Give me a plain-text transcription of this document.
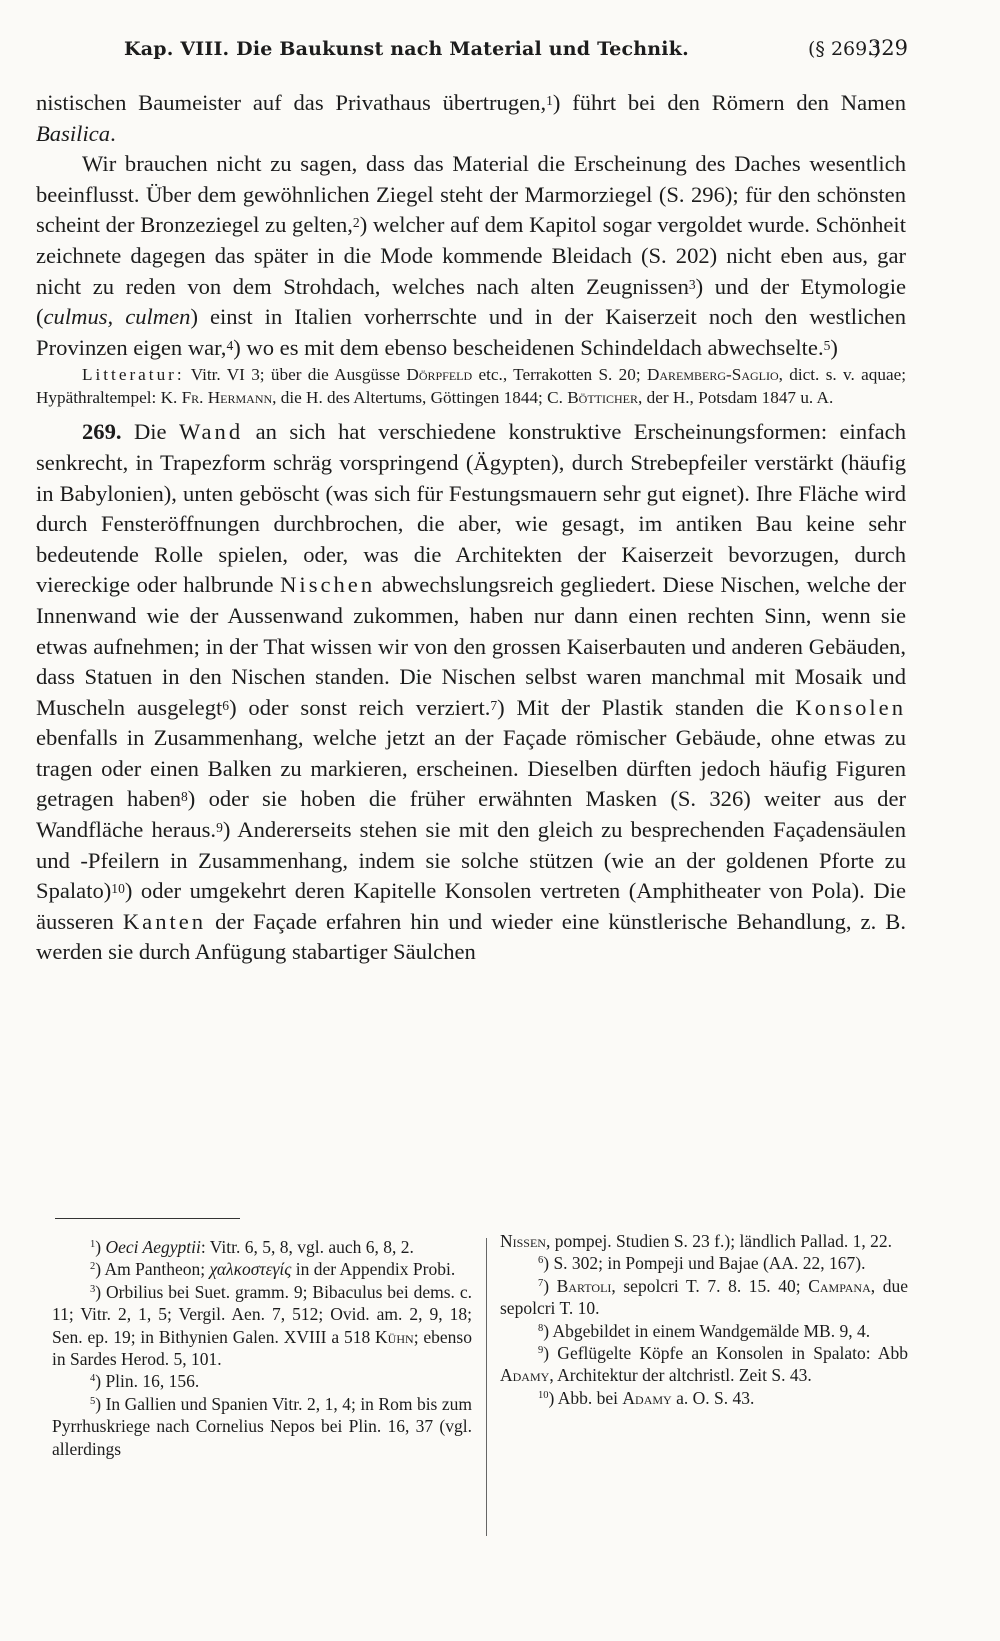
Kap. VIII. Die Baukunst nach Material und Technik.	(§ 269.)
329

nistischen Baumeister auf das Privathaus übertrugen,$^1$) führt bei den Römern den Namen Basilica.

Wir brauchen nicht zu sagen, dass das Material die Erscheinung des Daches wesentlich beeinflusst. Über dem gewöhnlichen Ziegel steht der Marmorziegel (S. 296); für den schönsten scheint der Bronzeziegel zu gelten,$^2$) welcher auf dem Kapitol sogar vergoldet wurde. Schönheit zeichnete dagegen das später in die Mode kommende Bleidach (S. 202) nicht eben aus, gar nicht zu reden von dem Strohdach, welches nach alten Zeugnissen$^3$) und der Etymologie (culmus, culmen) einst in Italien vorherrschte und in der Kaiserzeit noch den westlichen Provinzen eigen war,$^4$) wo es mit dem ebenso bescheidenen Schindeldach abwechselte.$^5$)

Litteratur: Vitr. VI 3; über die Ausgüsse Dörpfeld etc., Terrakotten S. 20; Daremberg-Saglio, dict. s. v. aquae; Hypäthraltempel: K. Fr. Hermann, die H. des Altertums, Göttingen 1844; C. Bötticher, der H., Potsdam 1847 u. A.

269. Die Wand an sich hat verschiedene konstruktive Erscheinungsformen: einfach senkrecht, in Trapezform schräg vorspringend (Ägypten), durch Strebepfeiler verstärkt (häufig in Babylonien), unten geböscht (was sich für Festungsmauern sehr gut eignet). Ihre Fläche wird durch Fensteröffnungen durchbrochen, die aber, wie gesagt, im antiken Bau keine sehr bedeutende Rolle spielen, oder, was die Architekten der Kaiserzeit bevorzugen, durch viereckige oder halbrunde Nischen abwechslungsreich gegliedert. Diese Nischen, welche der Innenwand wie der Aussenwand zukommen, haben nur dann einen rechten Sinn, wenn sie etwas aufnehmen; in der That wissen wir von den grossen Kaiserbauten und anderen Gebäuden, dass Statuen in den Nischen standen. Die Nischen selbst waren manchmal mit Mosaik und Muscheln ausgelegt$^6$) oder sonst reich verziert.$^7$) Mit der Plastik standen die Konsolen ebenfalls in Zusammenhang, welche jetzt an der Façade römischer Gebäude, ohne etwas zu tragen oder einen Balken zu markieren, erscheinen. Dieselben dürften jedoch häufig Figuren getragen haben$^8$) oder sie hoben die früher erwähnten Masken (S. 326) weiter aus der Wandfläche heraus.$^9$) Andererseits stehen sie mit den gleich zu besprechenden Façadensäulen und -Pfeilern in Zusammenhang, indem sie solche stützen (wie an der goldenen Pforte zu Spalato)$^{10}$) oder umgekehrt deren Kapitelle Konsolen vertreten (Amphitheater von Pola). Die äusseren Kanten der Façade erfahren hin und wieder eine künstlerische Behandlung, z. B. werden sie durch Anfügung stabartiger Säulchen

$^1$) Oeci Aegyptii: Vitr. 6, 5, 8, vgl. auch 6, 8, 2.

$^2$) Am Pantheon; χαλκοστεγίς in der Appendix Probi.

$^3$) Orbilius bei Suet. gramm. 9; Bibaculus bei dems. c. 11; Vitr. 2, 1, 5; Vergil. Aen. 7, 512; Ovid. am. 2, 9, 18; Sen. ep. 19; in Bithynien Galen. XVIII a 518 Kühn; ebenso in Sardes Herod. 5, 101.

$^4$) Plin. 16, 156.

$^5$) In Gallien und Spanien Vitr. 2, 1, 4; in Rom bis zum Pyrrhuskriege nach Cornelius Nepos bei Plin. 16, 37 (vgl. allerdings

Nissen, pompej. Studien S. 23 f.); ländlich Pallad. 1, 22.

$^6$) S. 302; in Pompeji und Bajae (AA. 22, 167).

$^7$) Bartoli, sepolcri T. 7. 8. 15. 40; Campana, due sepolcri T. 10.

$^8$) Abgebildet in einem Wandgemälde MB. 9, 4.

$^9$) Geflügelte Köpfe an Konsolen in Spalato: Abb Adamy, Architektur der altchristl. Zeit S. 43.

$^{10}$) Abb. bei Adamy a. O. S. 43.
